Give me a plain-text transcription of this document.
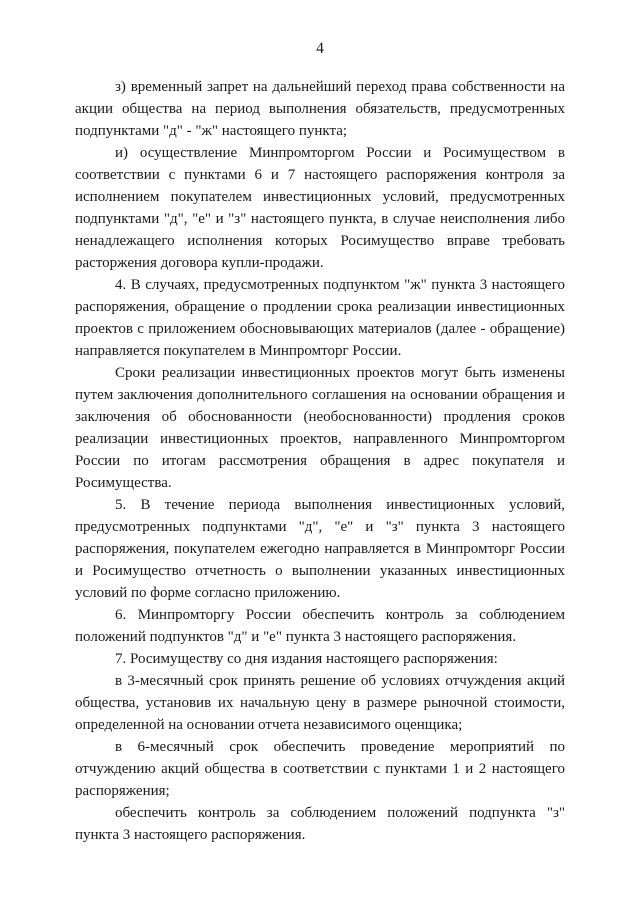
4

з) временный запрет на дальнейший переход права собственности на акции общества на период выполнения обязательств, предусмотренных подпунктами "д" - "ж" настоящего пункта;

и) осуществление Минпромторгом России и Росимуществом в соответствии с пунктами 6 и 7 настоящего распоряжения контроля за исполнением покупателем инвестиционных условий, предусмотренных подпунктами "д", "е" и "з" настоящего пункта, в случае неисполнения либо ненадлежащего исполнения которых Росимущество вправе требовать расторжения договора купли-продажи.

4. В случаях, предусмотренных подпунктом "ж" пункта 3 настоящего распоряжения, обращение о продлении срока реализации инвестиционных проектов с приложением обосновывающих материалов (далее - обращение) направляется покупателем в Минпромторг России.

Сроки реализации инвестиционных проектов могут быть изменены путем заключения дополнительного соглашения на основании обращения и заключения об обоснованности (необоснованности) продления сроков реализации инвестиционных проектов, направленного Минпромторгом России по итогам рассмотрения обращения в адрес покупателя и Росимущества.

5. В течение периода выполнения инвестиционных условий, предусмотренных подпунктами "д", "е" и "з" пункта 3 настоящего распоряжения, покупателем ежегодно направляется в Минпромторг России и Росимущество отчетность о выполнении указанных инвестиционных условий по форме согласно приложению.

6. Минпромторгу России обеспечить контроль за соблюдением положений подпунктов "д" и "е" пункта 3 настоящего распоряжения.

7. Росимуществу со дня издания настоящего распоряжения:

в 3-месячный срок принять решение об условиях отчуждения акций общества, установив их начальную цену в размере рыночной стоимости, определенной на основании отчета независимого оценщика;

в 6-месячный срок обеспечить проведение мероприятий по отчуждению акций общества в соответствии с пунктами 1 и 2 настоящего распоряжения;

обеспечить контроль за соблюдением положений подпункта "з" пункта 3 настоящего распоряжения.
